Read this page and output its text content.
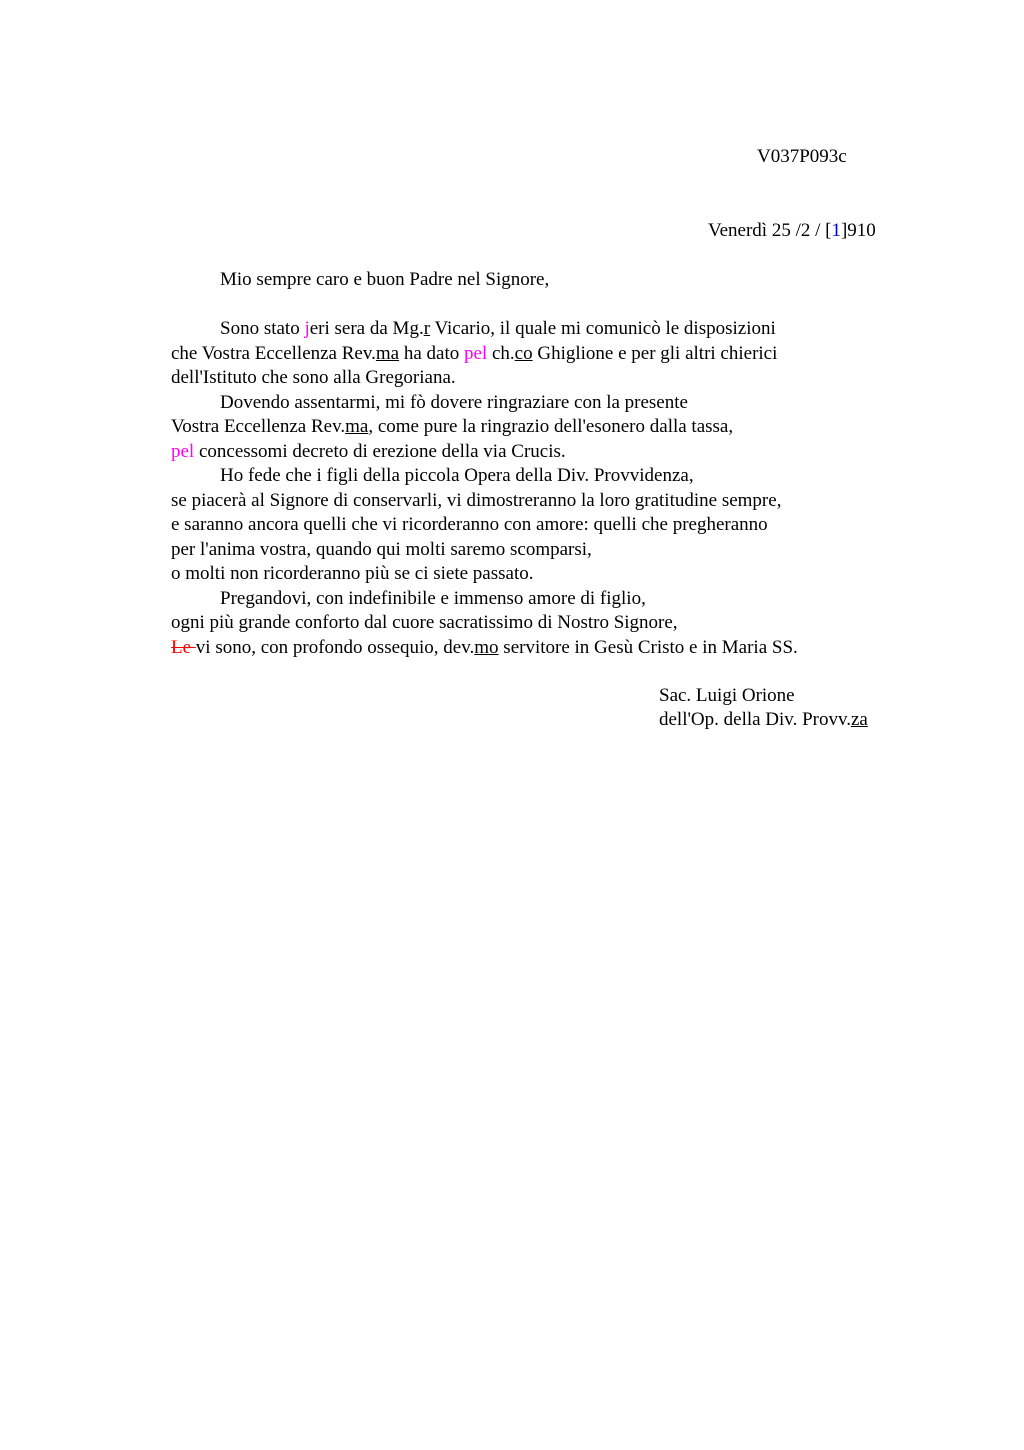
V037P093c
Venerdì 25 /2 / [1]910
Mio sempre caro e buon Padre nel Signore,
Sono stato jeri sera da Mg.r Vicario, il quale mi comunicò le disposizioni
che Vostra Eccellenza Rev.ma ha dato pel ch.co Ghiglione e per gli altri chierici
dell'Istituto che sono alla Gregoriana.
Dovendo assentarmi, mi fò dovere ringraziare con la presente
Vostra Eccellenza Rev.ma, come pure la ringrazio dell'esonero dalla tassa,
pel concessomi decreto di erezione della via Crucis.
Ho fede che i figli della piccola Opera della Div. Provvidenza,
se piacerà al Signore di conservarli, vi dimostreranno la loro gratitudine sempre,
e saranno ancora quelli che vi ricorderanno con amore: quelli che pregheranno
per l'anima vostra, quando qui molti saremo scomparsi,
o molti non ricorderanno più se ci siete passato.
Pregandovi, con indefinibile e immenso amore di figlio,
ogni più grande conforto dal cuore sacratissimo di Nostro Signore,
Le vi sono, con profondo ossequio, dev.mo servitore in Gesù Cristo e in Maria SS.
Sac. Luigi Orione
dell'Op. della Div. Provv.za
